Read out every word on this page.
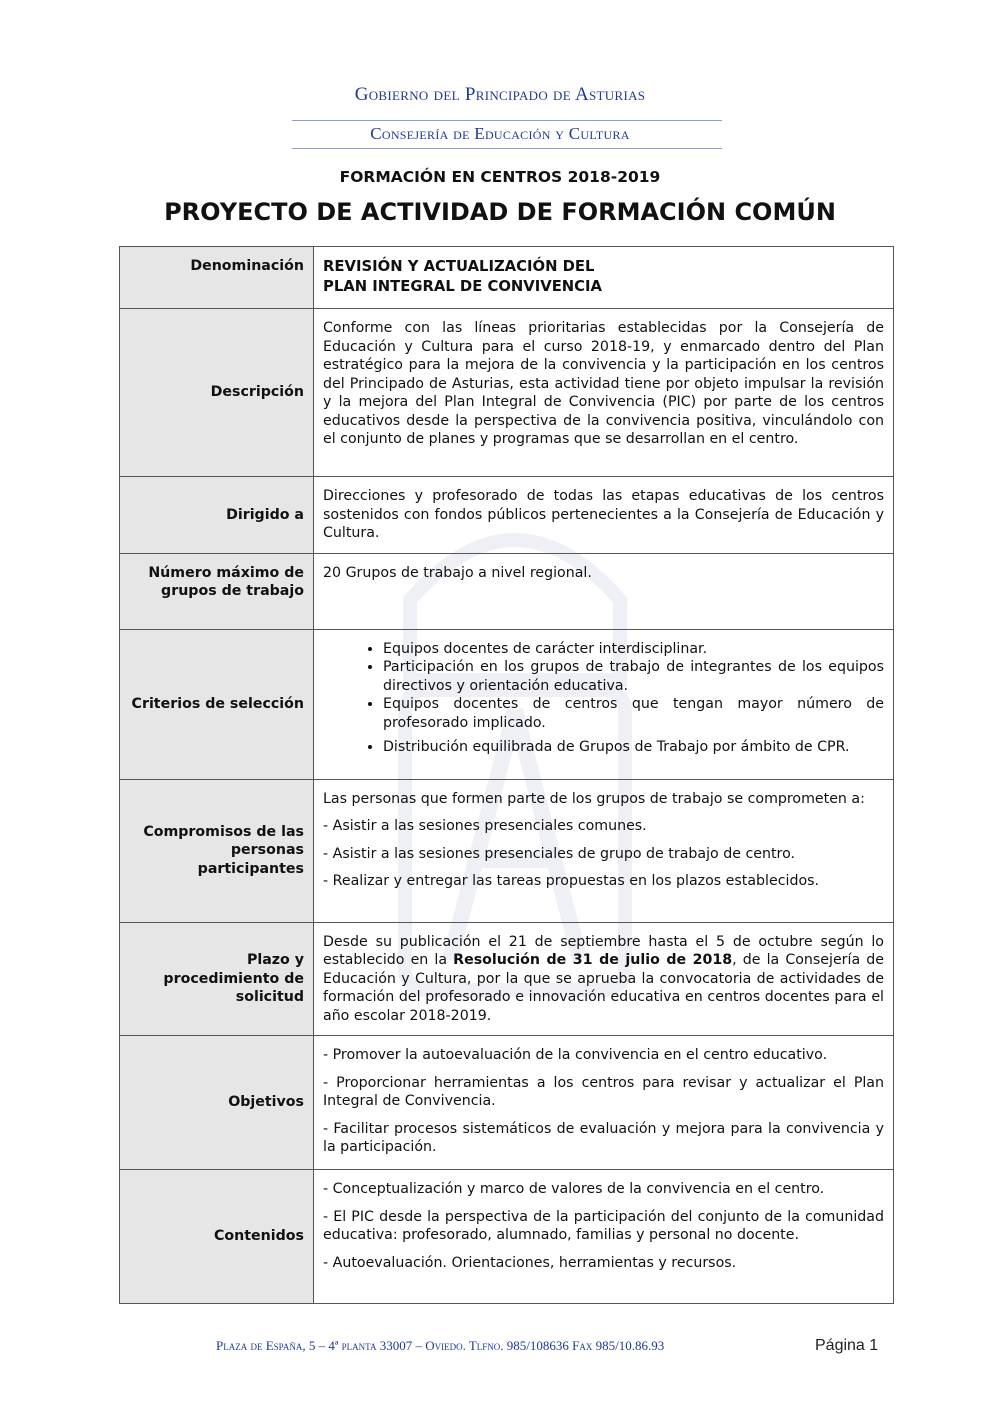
Gobierno del Principado de Asturias
Consejería de Educación y Cultura
FORMACIÓN EN CENTROS 2018-2019
PROYECTO DE ACTIVIDAD DE FORMACIÓN COMÚN
Denominación	REVISIÓN Y ACTUALIZACIÓN DEL
PLAN INTEGRAL DE CONVIVENCIA

Descripción	Conforme con las líneas prioritarias establecidas por la Consejería de Educación y Cultura para el curso 2018-19, y enmarcado dentro del Plan estratégico para la mejora de la convivencia y la participación en los centros del Principado de Asturias, esta actividad tiene por objeto impulsar la revisión y la mejora del Plan Integral de Convivencia (PIC) por parte de los centros educativos desde la perspectiva de la convivencia positiva, vinculándolo con el conjunto de planes y programas que se desarrollan en el centro.
Dirigido a	Direcciones y profesorado de todas las etapas educativas de los centros sostenidos con fondos públicos pertenecientes a la Consejería de Educación y Cultura.
Número máximo de grupos de trabajo	20 Grupos de trabajo a nivel regional.
Criterios de selección	
• Equipos docentes de carácter interdisciplinar.
• Participación en los grupos de trabajo de integrantes de los equipos directivos y orientación educativa.
• Equipos docentes de centros que tengan mayor número de profesorado implicado.
• Distribución equilibrada de Grupos de Trabajo por ámbito de CPR.

Compromisos de las personas participantes	Las personas que formen parte de los grupos de trabajo se comprometen a:

- Asistir a las sesiones presenciales comunes.

- Asistir a las sesiones presenciales de grupo de trabajo de centro.

- Realizar y entregar las tareas propuestas en los plazos establecidos.

Plazo y procedimiento de solicitud	Desde su publicación el 21 de septiembre hasta el 5 de octubre según lo establecido en la Resolución de 31 de julio de 2018, de la Consejería de Educación y Cultura, por la que se aprueba la convocatoria de actividades de formación del profesorado e innovación educativa en centros docentes para el año escolar 2018-2019.
Objetivos	- Promover la autoevaluación de la convivencia en el centro educativo.

- Proporcionar herramientas a los centros para revisar y actualizar el Plan Integral de Convivencia.

- Facilitar procesos sistemáticos de evaluación y mejora para la convivencia y la participación.

Contenidos	- Conceptualización y marco de valores de la convivencia en el centro.

- El PIC desde la perspectiva de la participación del conjunto de la comunidad educativa: profesorado, alumnado, familias y personal no docente.

- Autoevaluación. Orientaciones, herramientas y recursos.

Plaza de España, 5 – 4ª planta 33007 – Oviedo. Tlfno. 985/108636 Fax 985/10.86.93	Página 1
